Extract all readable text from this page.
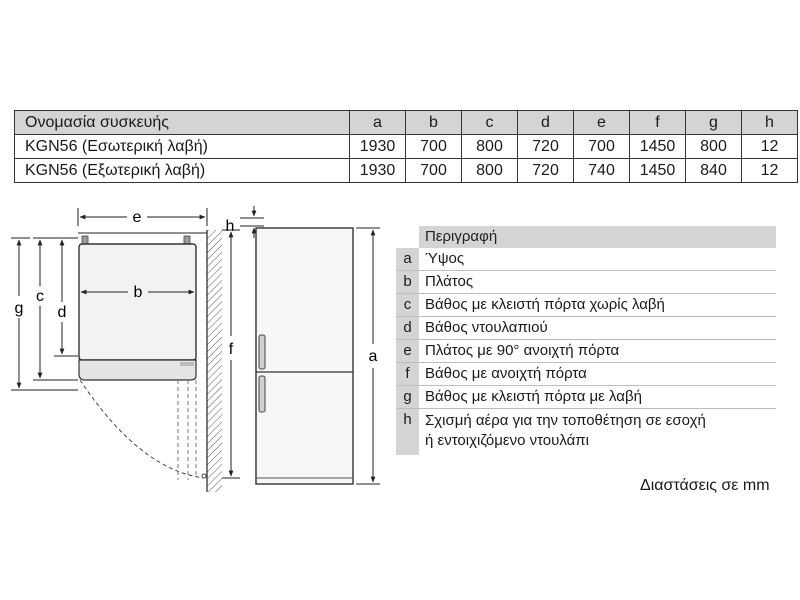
Ονομασία συσκευής	a	b	c	d	e	f	g	h
KGN56 (Εσωτερική λαβή)	1930	700	800	720	700	1450	800	12
KGN56 (Εξωτερική λαβή)	1930	700	800	720	740	1450	840	12
e
b
g
c
d
f
h
a
Περιγραφή
a Ύψος
b Πλάτος
c Βάθος με κλειστή πόρτα χωρίς λαβή
d Βάθος ντουλαπιού
e Πλάτος με 90° ανοιχτή πόρτα
f	Βάθος με ανοιχτή πόρτα
g Βάθος με κλειστή πόρτα με λαβή
h Σχισμή αέρα για την τοποθέτηση σε εσοχή
ή εντοιχιζόμενο ντουλάπι
Διαστάσεις σε mm
